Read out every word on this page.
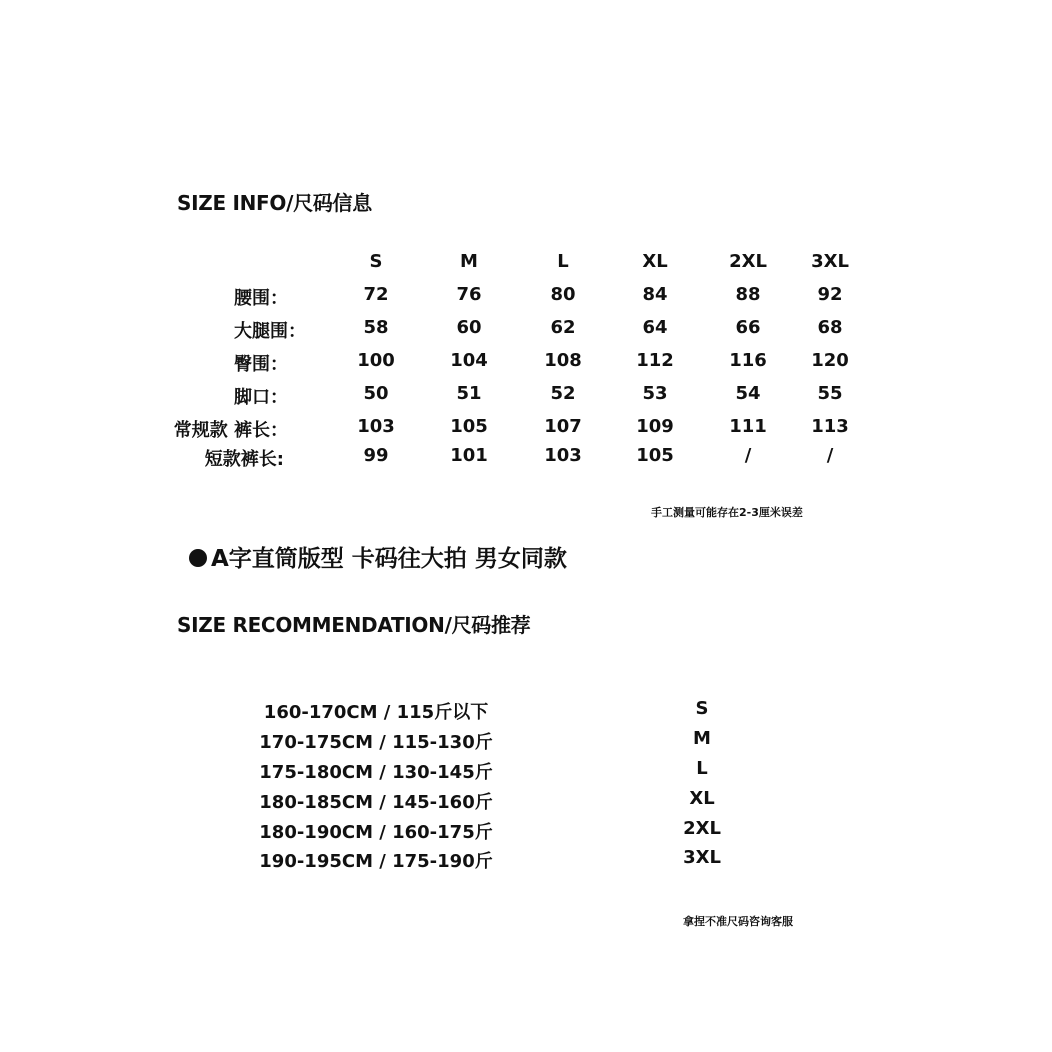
SIZE INFO/尺码信息
S	M	L	XL	2XL 3XL
腰围：	72	76	80	84	88	92
大腿围：	58	60	62	64	66	68
臀围：	100	104	108	112	116 120
脚口：	50	51	52	53	54	55
常规款 裤长：	103	105	107	109	111 113
短款裤长:	99	101	103	105	/	/
手工测量可能存在2-3厘米误差
A字直筒版型 卡码往大拍 男女同款
SIZE RECOMMENDATION/尺码推荐
160-170CM / 115斤以下	S
170-175CM / 115-130斤	M
175-180CM / 130-145斤	L
180-185CM / 145-160斤	XL
180-190CM / 160-175斤	2XL
190-195CM / 175-190斤	3XL
拿捏不准尺码咨询客服
